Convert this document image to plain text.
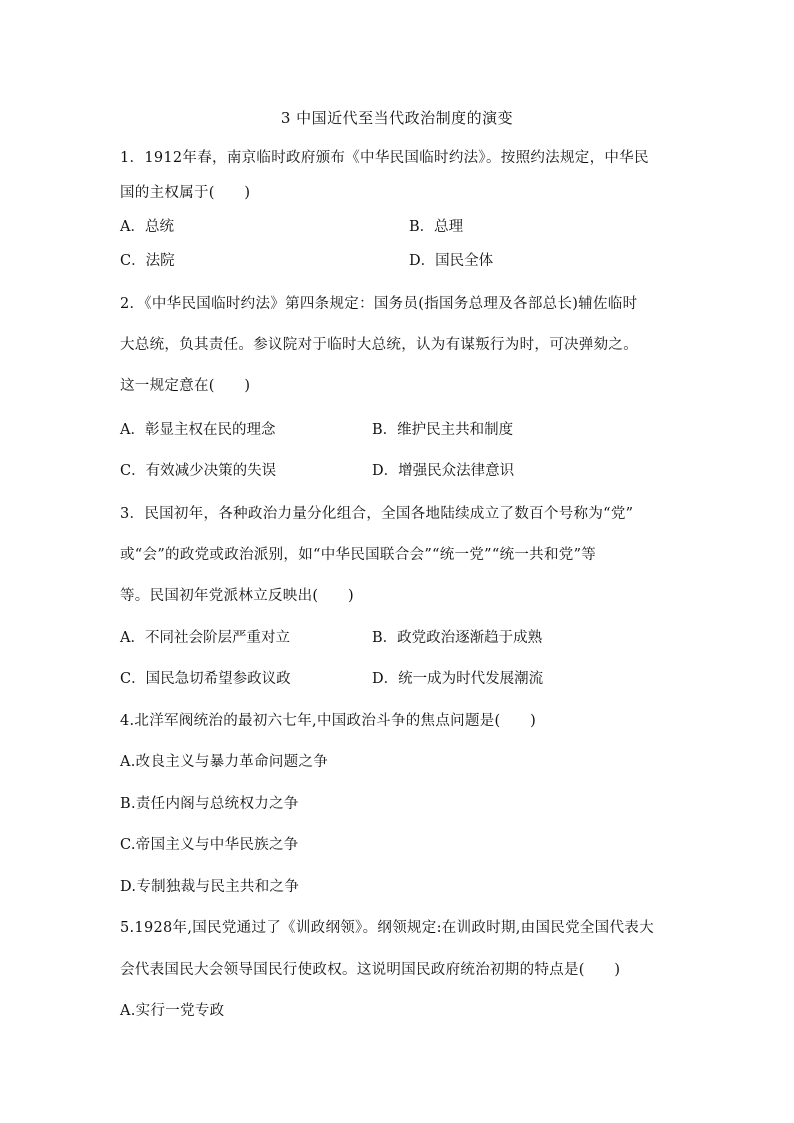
3 中国近代至当代政治制度的演变
1．1912年春，南京临时政府颁布《中华民国临时约法》。按照约法规定，中华民
国的主权属于(　　)
A．总统	B．总理
C．法院	D．国民全体
2．《中华民国临时约法》第四条规定：国务员(指国务总理及各部总长)辅佐临时
大总统，负其责任。参议院对于临时大总统，认为有谋叛行为时，可决弹劾之。
这一规定意在(　　)
A．彰显主权在民的理念	B．维护民主共和制度
C．有效减少决策的失误	D．增强民众法律意识
3．民国初年，各种政治力量分化组合，全国各地陆续成立了数百个号称为“党”
或“会”的政党或政治派别，如“中华民国联合会”“统一党”“统一共和党”等
等。民国初年党派林立反映出(　　)
A．不同社会阶层严重对立	B．政党政治逐渐趋于成熟
C．国民急切希望参政议政	D．统一成为时代发展潮流
4.北洋军阀统治的最初六七年,中国政治斗争的焦点问题是(　　)
A.改良主义与暴力革命问题之争
B.责任内阁与总统权力之争
C.帝国主义与中华民族之争
D.专制独裁与民主共和之争
5.1928年,国民党通过了《训政纲领》。纲领规定:在训政时期,由国民党全国代表大
会代表国民大会领导国民行使政权。这说明国民政府统治初期的特点是(　　)
A.实行一党专政
